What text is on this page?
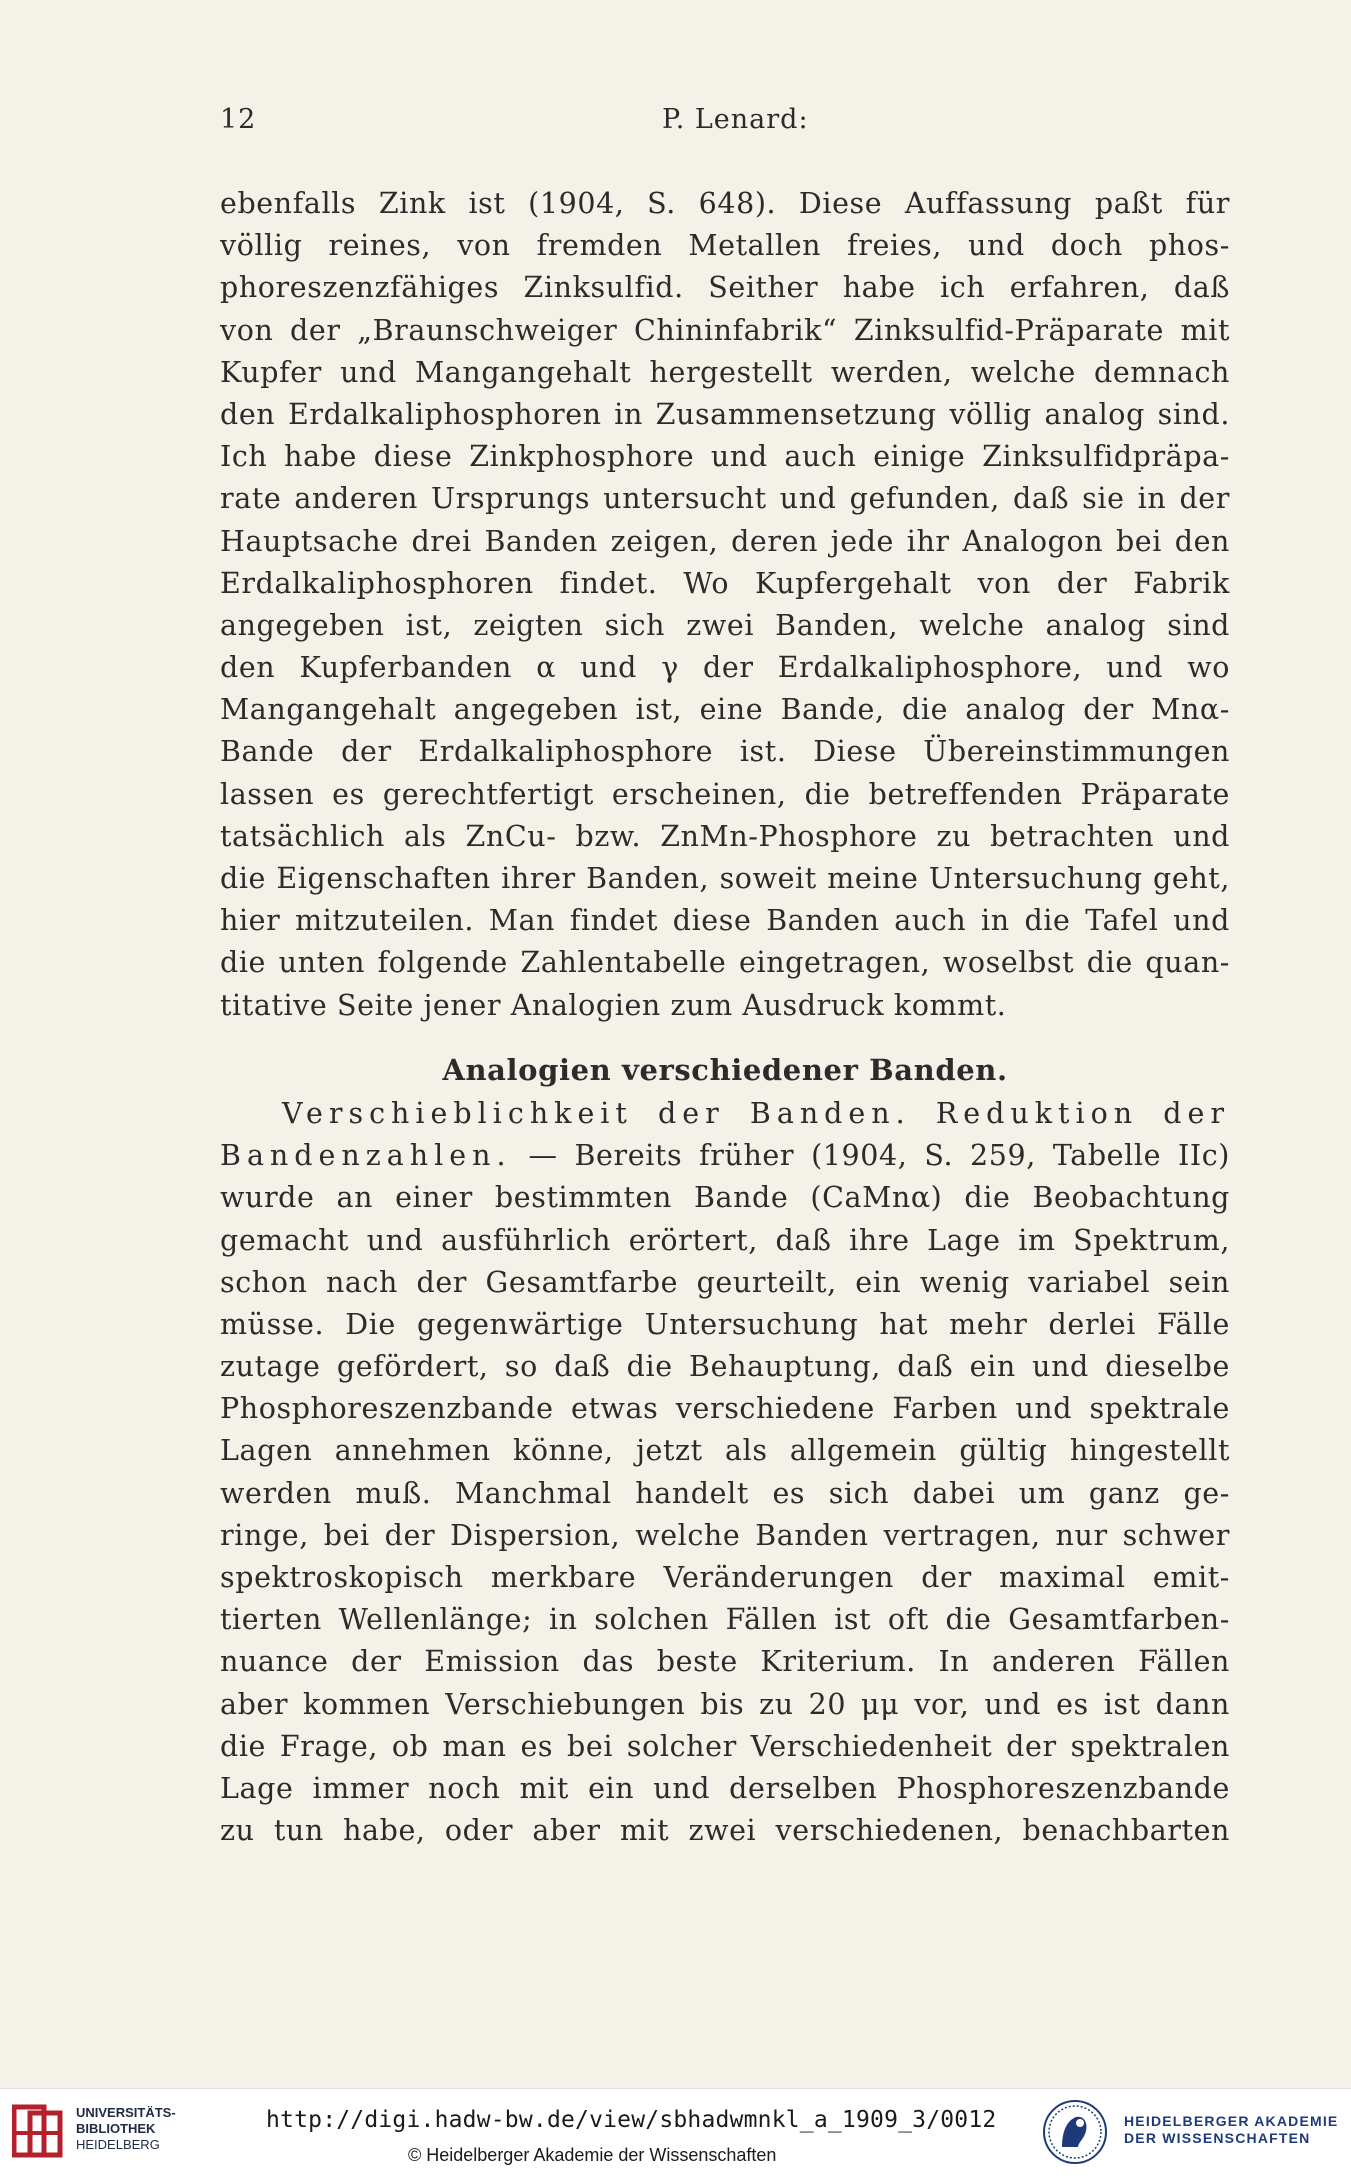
12	P. Lenard:
ebenfalls Zink ist (1904, S. 648). Diese Auffassung paßt für
völlig reines, von fremden Metallen freies, und doch phos-
phoreszenzfähiges Zinksulfid. Seither habe ich erfahren, daß
von der „Braunschweiger Chininfabrik“ Zinksulfid-Präparate mit
Kupfer und Mangangehalt hergestellt werden, welche demnach
den Erdalkaliphosphoren in Zusammensetzung völlig analog sind.
Ich habe diese Zinkphosphore und auch einige Zinksulfidpräpa-
rate anderen Ursprungs untersucht und gefunden, daß sie in der
Hauptsache drei Banden zeigen, deren jede ihr Analogon bei den
Erdalkaliphosphoren findet. Wo Kupfergehalt von der Fabrik
angegeben ist, zeigten sich zwei Banden, welche analog sind
den Kupferbanden α und γ der Erdalkaliphosphore, und wo
Mangangehalt angegeben ist, eine Bande, die analog der Mnα-
Bande der Erdalkaliphosphore ist. Diese Übereinstimmungen
lassen es gerechtfertigt erscheinen, die betreffenden Präparate
tatsächlich als ZnCu- bzw. ZnMn-Phosphore zu betrachten und
die Eigenschaften ihrer Banden, soweit meine Untersuchung geht,
hier mitzuteilen. Man findet diese Banden auch in die Tafel und
die unten folgende Zahlentabelle eingetragen, woselbst die quan-
titative Seite jener Analogien zum Ausdruck kommt.
Analogien verschiedener Banden.
Verschieblichkeit der Banden. Reduktion der
Bandenzahlen. — Bereits früher (1904, S. 259, Tabelle IIc)
wurde an einer bestimmten Bande (CaMnα) die Beobachtung
gemacht und ausführlich erörtert, daß ihre Lage im Spektrum,
schon nach der Gesamtfarbe geurteilt, ein wenig variabel sein
müsse. Die gegenwärtige Untersuchung hat mehr derlei Fälle
zutage gefördert, so daß die Behauptung, daß ein und dieselbe
Phosphoreszenzbande etwas verschiedene Farben und spektrale
Lagen annehmen könne, jetzt als allgemein gültig hingestellt
werden muß. Manchmal handelt es sich dabei um ganz ge-
ringe, bei der Dispersion, welche Banden vertragen, nur schwer
spektroskopisch merkbare Veränderungen der maximal emit-
tierten Wellenlänge; in solchen Fällen ist oft die Gesamtfarben-
nuance der Emission das beste Kriterium. In anderen Fällen
aber kommen Verschiebungen bis zu 20 μμ vor, und es ist dann
die Frage, ob man es bei solcher Verschiedenheit der spektralen
Lage immer noch mit ein und derselben Phosphoreszenzbande
zu tun habe, oder aber mit zwei verschiedenen, benachbarten
UNIVERSITÄTS-
BIBLIOTHEK
HEIDELBERG
http://digi.hadw-bw.de/view/sbhadwmnkl_a_1909_3/0012
© Heidelberger Akademie der Wissenschaften
HEIDELBERGER AKADEMIE
DER WISSENSCHAFTEN
